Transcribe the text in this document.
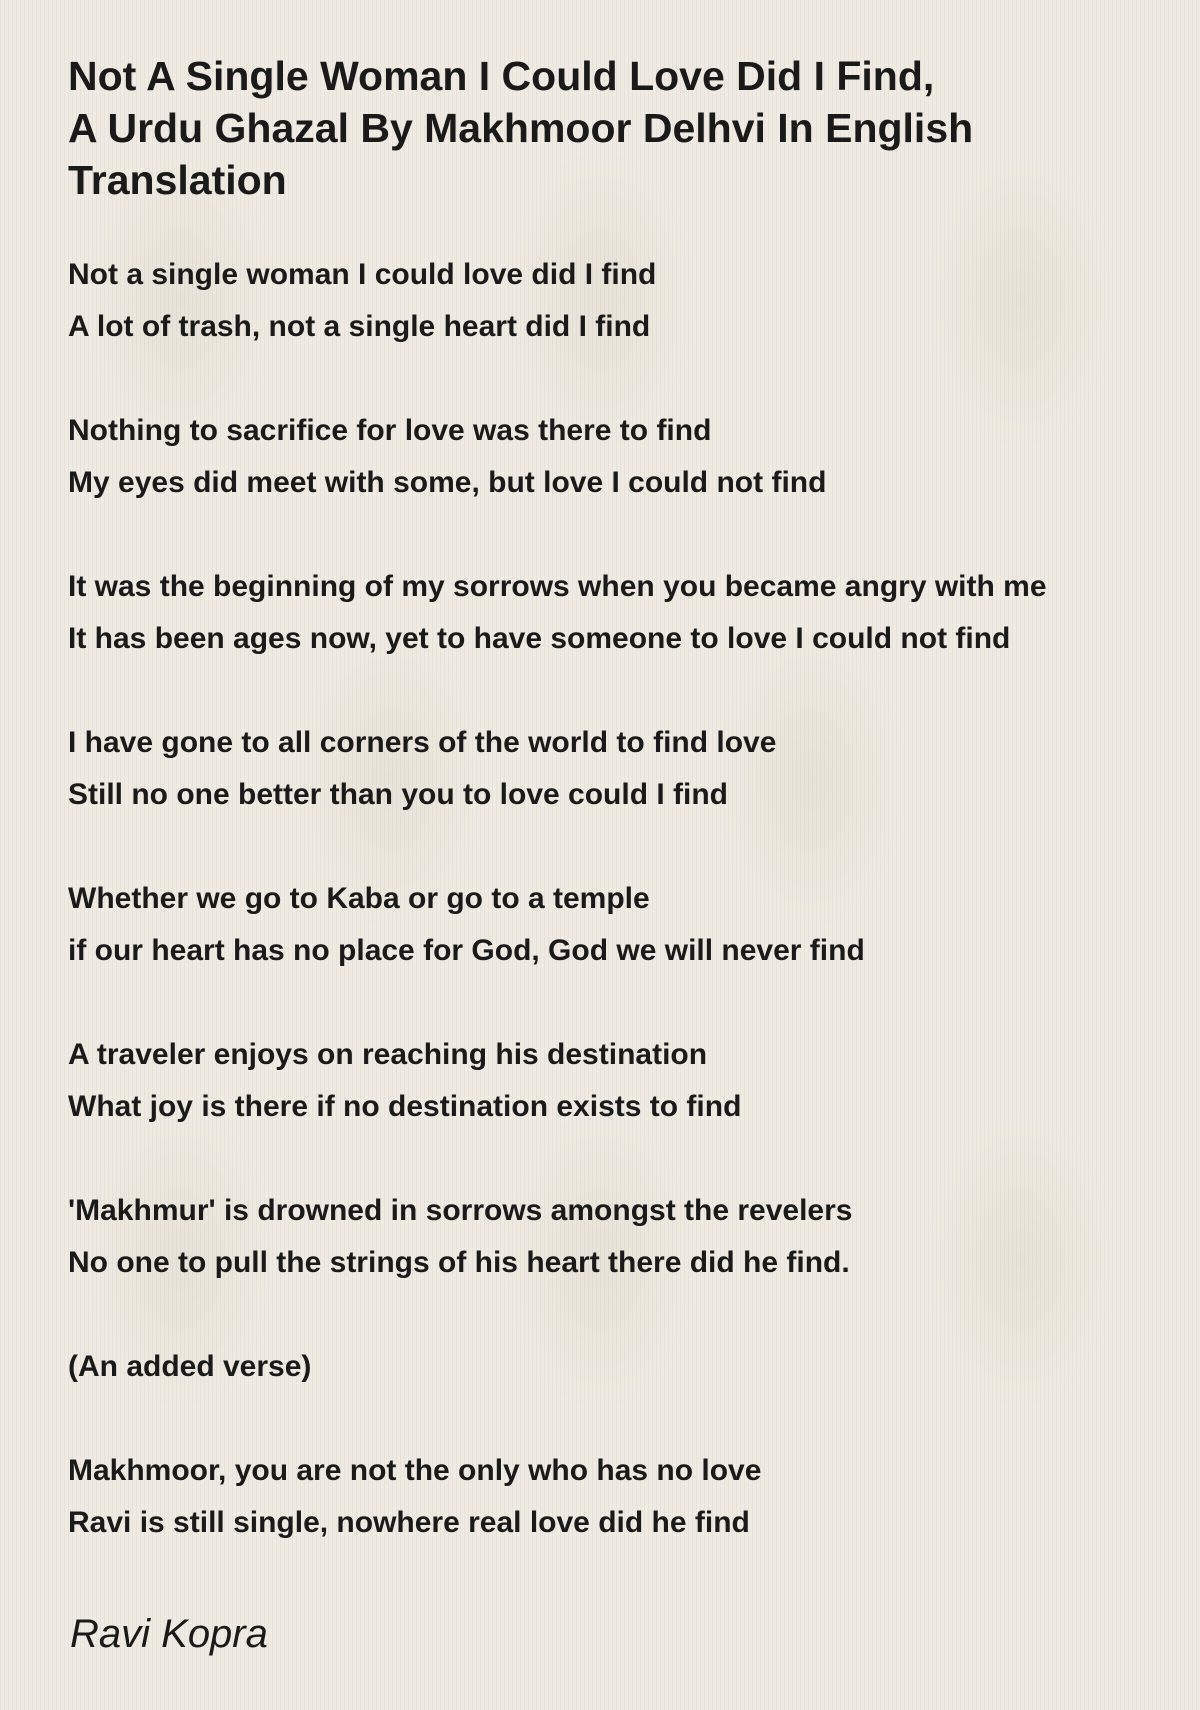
Not A Single Woman I Could Love Did I Find,
A Urdu Ghazal By Makhmoor Delhvi In English
Translation
Not a single woman I could love did I find
A lot of trash, not a single heart did I find
Nothing to sacrifice for love was there to find
My eyes did meet with some, but love I could not find
It was the beginning of my sorrows when you became angry with me
It has been ages now, yet to have someone to love I could not find
I have gone to all corners of the world to find love
Still no one better than you to love could I find
Whether we go to Kaba or go to a temple
if our heart has no place for God, God we will never find
A traveler enjoys on reaching his destination
What joy is there if no destination exists to find
'Makhmur' is drowned in sorrows amongst the revelers
No one to pull the strings of his heart there did he find.
(An added verse)
Makhmoor, you are not the only who has no love
Ravi is still single, nowhere real love did he find
Ravi Kopra
